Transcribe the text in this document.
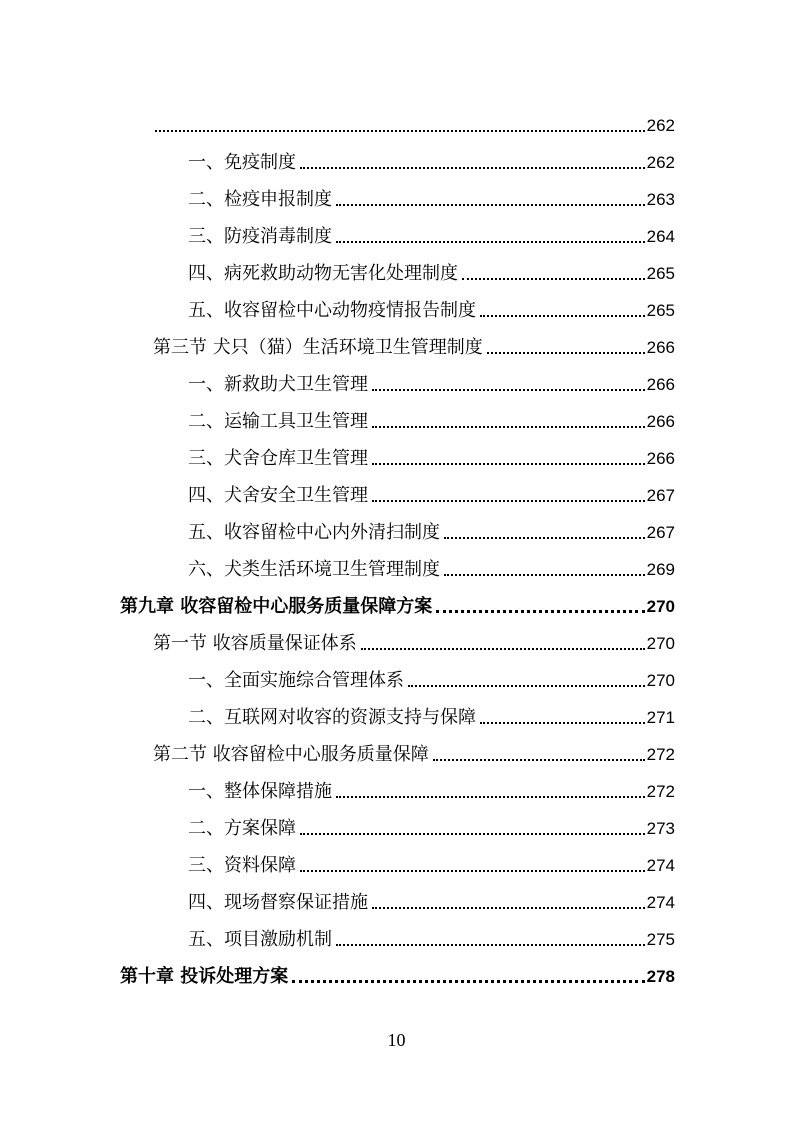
262
一、免疫制度	262
二、检疫申报制度	263
三、防疫消毒制度	264
四、病死救助动物无害化处理制度	265
五、收容留检中心动物疫情报告制度	265
第三节 犬只（猫）生活环境卫生管理制度	266
一、新救助犬卫生管理	266
二、运输工具卫生管理	266
三、犬舍仓库卫生管理	266
四、犬舍安全卫生管理	267
五、收容留检中心内外清扫制度	267
六、犬类生活环境卫生管理制度	269
第九章 收容留检中心服务质量保障方案	270
第一节 收容质量保证体系	270
一、全面实施综合管理体系	270
二、互联网对收容的资源支持与保障	271
第二节 收容留检中心服务质量保障	272
一、整体保障措施	272
二、方案保障	273
三、资料保障	274
四、现场督察保证措施	274
五、项目激励机制	275
第十章 投诉处理方案	278
10
